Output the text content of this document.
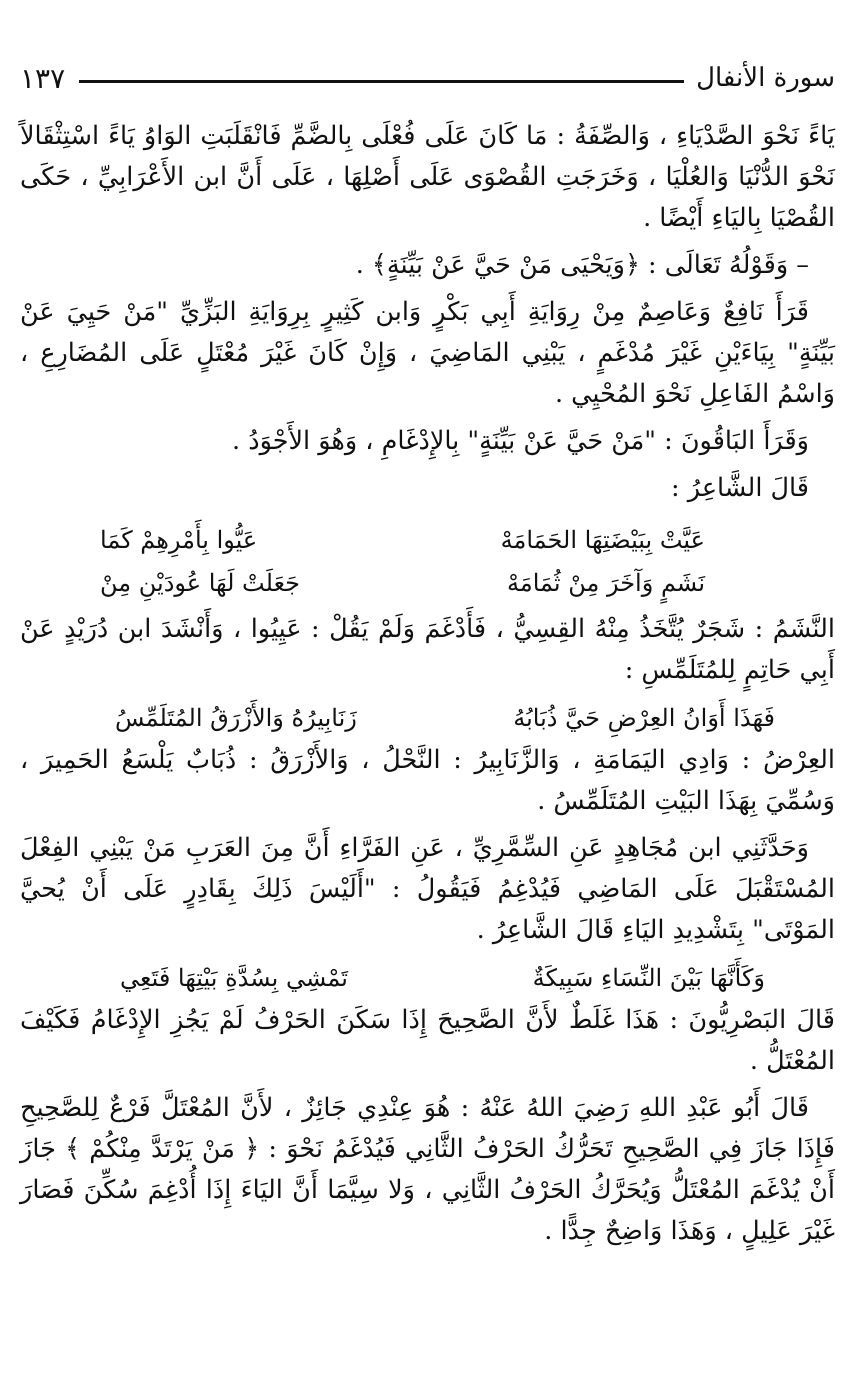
سورة الأنفال
١٣٧

يَاءً نَحْوَ الصَّدْيَاءِ ، وَالصِّفَةُ : مَا كَانَ عَلَى فُعْلَى بِالضَّمِّ فَانْقَلَبَتِ الوَاوُ يَاءً اسْتِثْقَالاً نَحْوَ الدُّنْيَا وَالعُلْيَا ، وَخَرَجَتِ القُصْوَى عَلَى أَصْلِهَا ، عَلَى أَنَّ ابن الأَعْرَابِيِّ ، حَكَى القُصْيَا بِاليَاءِ أَيْضًا .

– وَقَوْلُهُ تَعَالَى : ﴿وَيَحْيَى مَنْ حَيَّ عَنْ بَيِّنَةٍ﴾ .

قَرَأَ نَافِعٌ وَعَاصِمٌ مِنْ رِوَايَةِ أَبِي بَكْرٍ وَابن كَثِيرٍ بِرِوَايَةِ البَزِّيِّ "مَنْ حَيِيَ عَنْ بَيِّنَةٍ" بِيَاءَيْنِ غَيْرَ مُدْغَمٍ ، يَبْنِي المَاضِيَ ، وَإِنْ كَانَ غَيْرَ مُعْتَلٍ عَلَى المُضَارِعِ ، وَاسْمُ الفَاعِلِ نَحْوَ المُحْيِي .

وَقَرَأَ البَاقُونَ : "مَنْ حَيَّ عَنْ بَيِّنَةٍ" بِالإِدْغَامِ ، وَهُوَ الأَجْوَدُ .

قَالَ الشَّاعِرُ :

عَيَّتْ بِبَيْضَتِهَا الحَمَامَهْ
عَيُّوا بِأَمْرِهِمْ كَمَا
نَشَمٍ وَآخَرَ مِنْ ثُمَامَهْ
جَعَلَتْ لَهَا عُودَيْنِ مِنْ

النَّشَمُ : شَجَرٌ يُتَّخَذُ مِنْهُ القِسِيُّ ، فَأَدْغَمَ وَلَمْ يَقُلْ : عَيِيُوا ، وَأَنْشَدَ ابن دُرَيْدٍ عَنْ أَبِي حَاتِمٍ لِلمُتَلَمِّسِ :

فَهَذَا أَوَانُ العِرْضِ حَيَّ ذُبَابُهُ
زَنَابِيرُهُ وَالأَزْرَقُ المُتَلَمِّسُ

العِرْضُ : وَادِي اليَمَامَةِ ، وَالزَّنَابِيرُ : النَّحْلُ ، وَالأَزْرَقُ : ذُبَابٌ يَلْسَعُ الحَمِيرَ ، وَسُمِّيَ بِهَذَا البَيْتِ المُتَلَمِّسُ .

وَحَدَّثَنِي ابن مُجَاهِدٍ عَنِ السِّمَّرِيِّ ، عَنِ الفَرَّاءِ أَنَّ مِنَ العَرَبِ مَنْ يَبْنِي الفِعْلَ المُسْتَقْبَلَ عَلَى المَاضِي فَيُدْغِمُ فَيَقُولُ : "أَلَيْسَ ذَلِكَ بِقَادِرٍ عَلَى أَنْ يُحيَّ المَوْتَى" بِتَشْدِيدِ اليَاءِ قَالَ الشَّاعِرُ .

وَكَأَنَّهَا بَيْنَ النِّسَاءِ سَبِيكَةٌ
تَمْشِي بِسُدَّةِ بَيْتِهَا فَتَعِي

قَالَ البَصْرِيُّونَ : هَذَا غَلَطٌ لأَنَّ الصَّحِيحَ إِذَا سَكَنَ الحَرْفُ لَمْ يَجُزِ الإِدْغَامُ فَكَيْفَ المُعْتَلُّ .

قَالَ أَبُو عَبْدِ اللهِ رَضِيَ اللهُ عَنْهُ : هُوَ عِنْدِي جَائِزٌ ، لأَنَّ المُعْتَلَّ فَرْعٌ لِلصَّحِيحِ فَإِذَا جَازَ فِي الصَّحِيحِ تَحَرُّكُ الحَرْفُ الثَّانِي فَيُدْغَمُ نَحْوَ : ﴿ مَنْ يَرْتَدَّ مِنْكُمْ ﴾ جَازَ أَنْ يُدْغَمَ المُعْتَلُّ وَيُحَرَّكُ الحَرْفُ الثَّانِي ، وَلا سِيَّمَا أَنَّ اليَاءَ إِذَا أُدْغِمَ سُكِّنَ فَصَارَ غَيْرَ عَلِيلٍ ، وَهَذَا وَاضِحٌ جِدًّا .
